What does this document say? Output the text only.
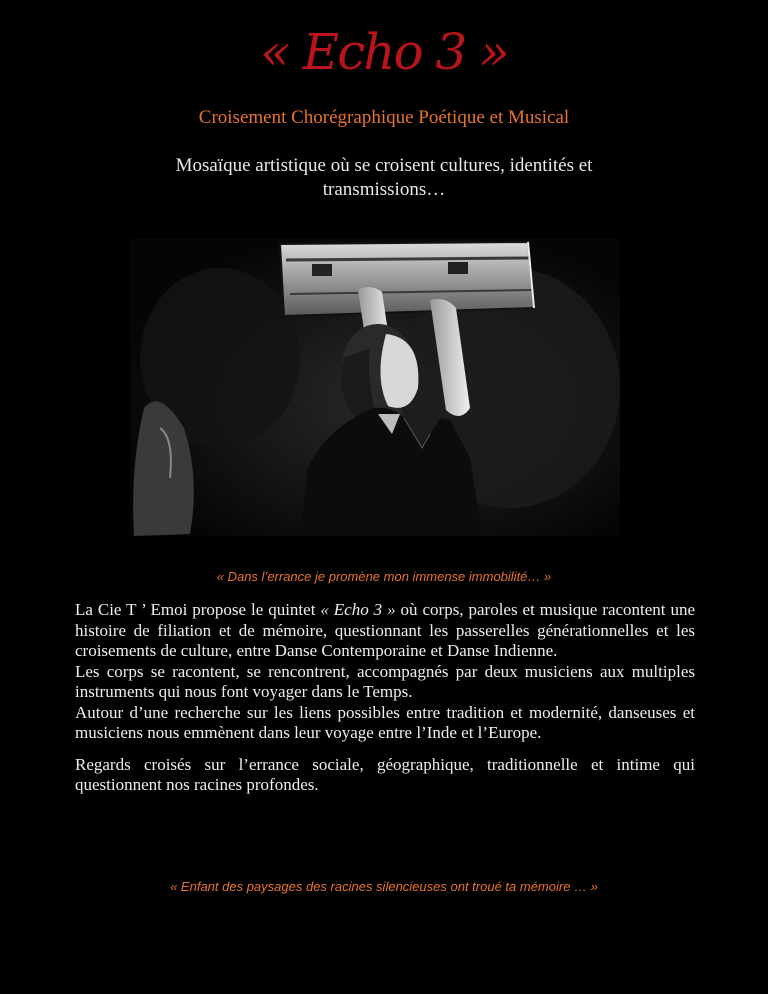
« Echo 3 »
Croisement Chorégraphique Poétique et Musical
Mosaïque artistique où se croisent cultures, identités et transmissions…
« Dans l’errance je promène mon immense immobilité… »

La Cie T ’ Emoi propose le quintet « Echo 3 » où corps, paroles et musique racontent une histoire de filiation et de mémoire, questionnant les passerelles générationnelles et les croisements de culture, entre Danse Contemporaine et Danse Indienne.

Les corps se racontent, se rencontrent, accompagnés par deux musiciens aux multiples instruments qui nous font voyager dans le Temps.

Autour d’une recherche sur les liens possibles entre tradition et modernité, danseuses et musiciens nous emmènent dans leur voyage entre l’Inde et l’Europe.

Regards croisés sur l’errance sociale, géographique, traditionnelle et intime qui questionnent nos racines profondes.

« Enfant des paysages des racines silencieuses ont troué ta mémoire … »
